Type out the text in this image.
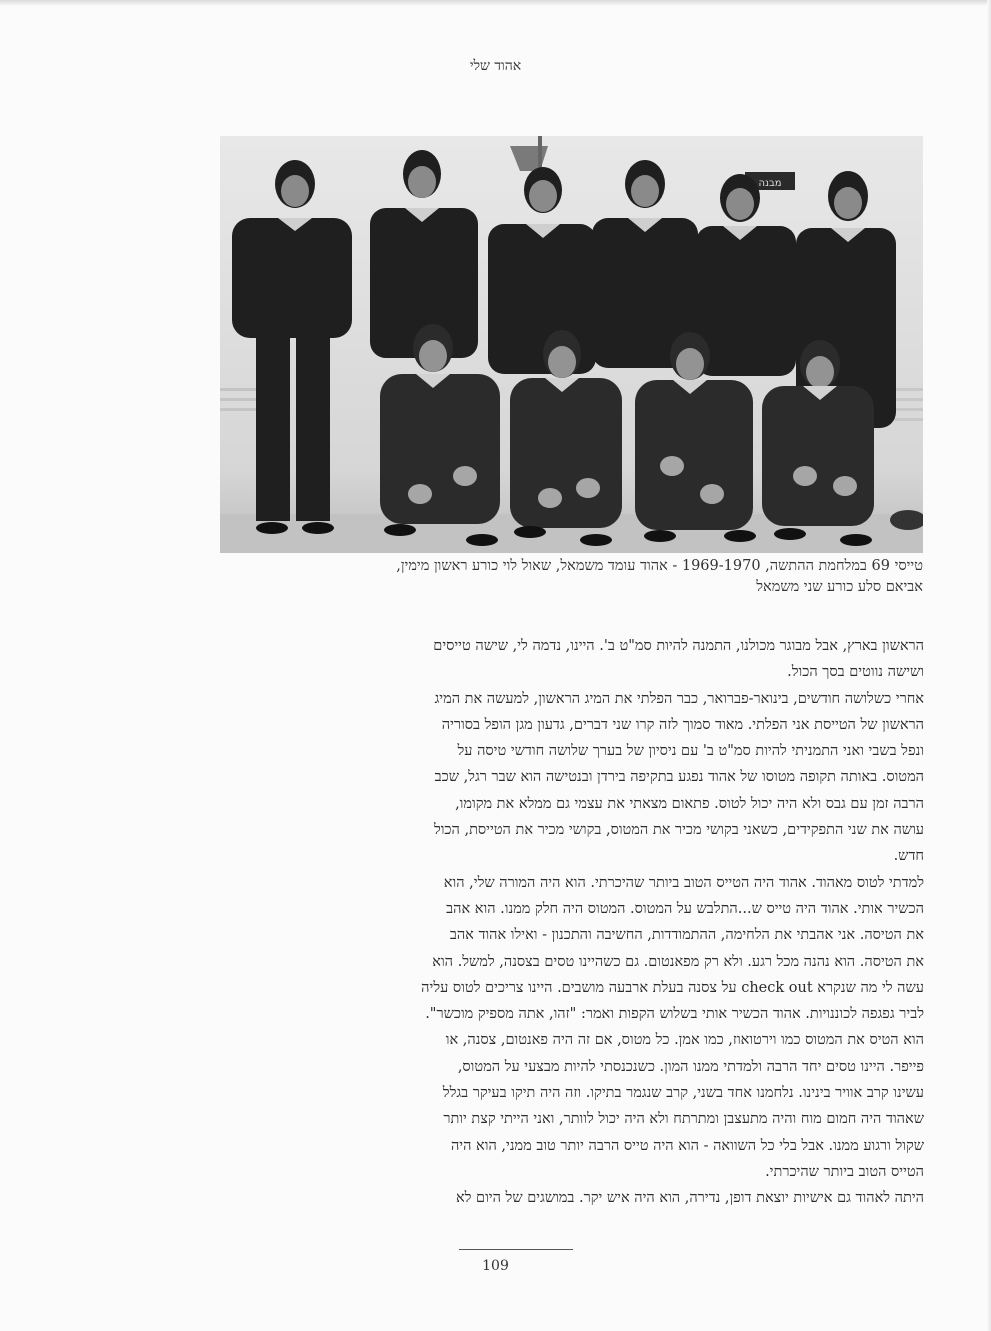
אהוד שלי
מבנה
טייסי 69 במלחמת ההתשה, 1969-1970 - אהוד עומד משמאל, שאול לוי כורע ראשון מימין,
אביאם סלע כורע שני משמאל
הראשון בארץ, אבל מבוגר מכולנו, התמנה להיות סמ"ט ב'. היינו, נדמה לי, שישה טייסים
ושישה נווטים בסך הכול.
אחרי כשלושה חודשים, בינואר-פברואר, כבר הפלתי את המיג הראשון, למעשה את המיג
הראשון של הטייסת אני הפלתי. מאוד סמוך לזה קרו שני דברים, גדעון מגן הופל בסוריה
ונפל בשבי ואני התמניתי להיות סמ"ט ב' עם ניסיון של בערך שלושה חודשי טיסה על
המטוס. באותה תקופה מטוסו של אהוד נפגע בתקיפה בירדן ובנטישה הוא שבר רגל, שכב
הרבה זמן עם גבס ולא היה יכול לטוס. פתאום מצאתי את עצמי גם ממלא את מקומו,
עושה את שני התפקידים, כשאני בקושי מכיר את המטוס, בקושי מכיר את הטייסת, הכול
חדש.
למדתי לטוס מאהוד. אהוד היה הטייס הטוב ביותר שהיכרתי. הוא היה המורה שלי, הוא
הכשיר אותי. אהוד היה טייס ש...התלבש על המטוס. המטוס היה חלק ממנו. הוא אהב
את הטיסה. אני אהבתי את הלחימה, ההתמודדות, החשיבה והתכנון - ואילו אהוד אהב
את הטיסה. הוא נהנה מכל רגע. ולא רק מפאנטום. גם כשהיינו טסים בצסנה, למשל. הוא
עשה לי מה שנקרא check out על צסנה בעלת ארבעה מושבים. היינו צריכים לטוס עליה
לביר גפגפה לכוננויות. אהוד הכשיר אותי בשלוש הקפות ואמר: "זהו, אתה מספיק מוכשר".
הוא הטיס את המטוס כמו וירטואוז, כמו אמן. כל מטוס, אם זה היה פאנטום, צסנה, או
פייפר. היינו טסים יחד הרבה ולמדתי ממנו המון. כשנכנסתי להיות מבצעי על המטוס,
עשינו קרב אוויר בינינו. נלחמנו אחד בשני, קרב שנגמר בתיקו. וזה היה תיקו בעיקר בגלל
שאהוד היה חמום מוח והיה מתעצבן ומתרתח ולא היה יכול לוותר, ואני הייתי קצת יותר
שקול ורגוע ממנו. אבל בלי כל השוואה - הוא היה טייס הרבה יותר טוב ממני, הוא היה
הטייס הטוב ביותר שהיכרתי.
היתה לאהוד גם אישיות יוצאת דופן, נדירה, הוא היה איש יקר. במושגים של היום לא
109
